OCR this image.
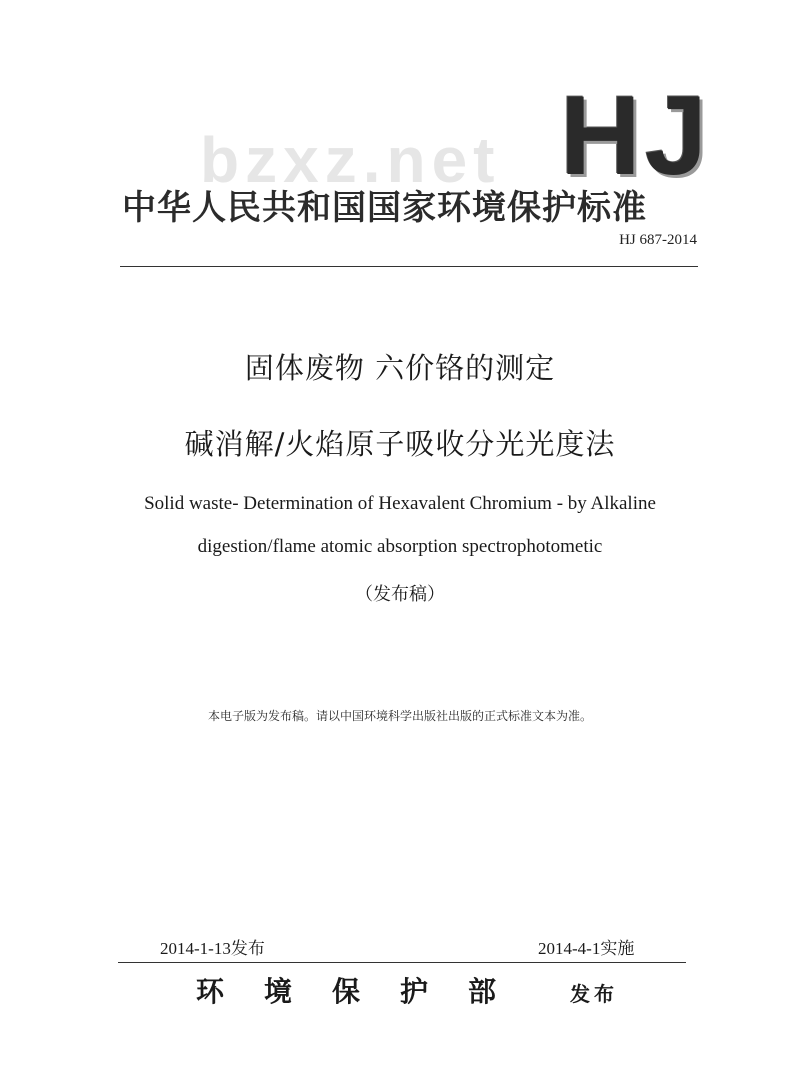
bzxz.net HJ
中华人民共和国国家环境保护标准
HJ 687-2014
固体废物 六价铬的测定
碱消解/火焰原子吸收分光光度法
Solid waste- Determination of Hexavalent Chromium - by Alkaline
digestion/flame atomic absorption spectrophotometic
（发布稿）
本电子版为发布稿。请以中国环境科学出版社出版的正式标准文本为准。
2014-1-13发布	2014-4-1实施
环境保护部 发布
